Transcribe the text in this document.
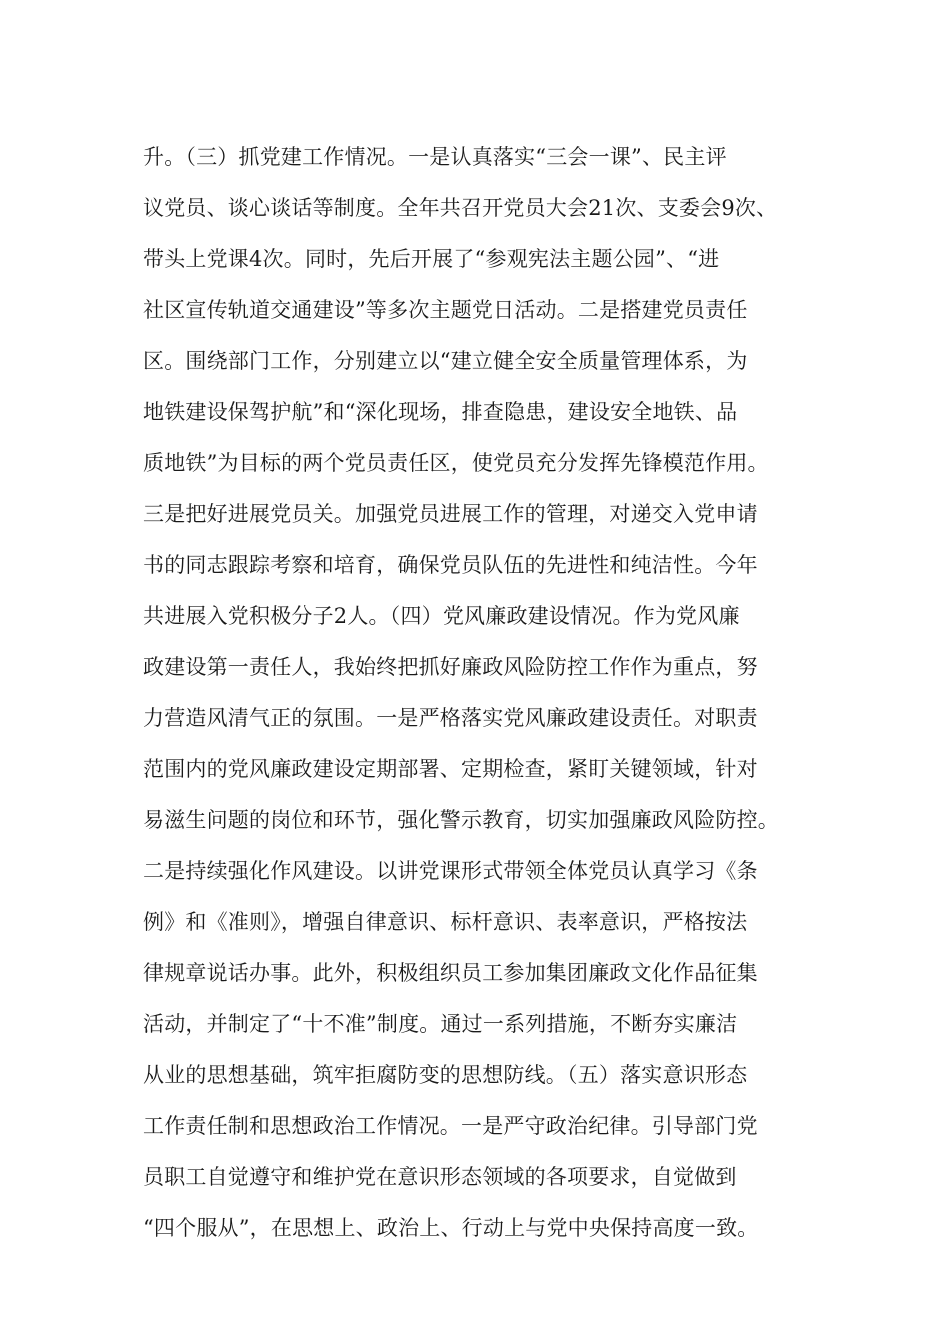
升。（三）抓党建工作情况。一是认真落实“三会一课”、民主评
议党员、谈心谈话等制度。全年共召开党员大会21次、支委会9次、
带头上党课4次。同时，先后开展了“参观宪法主题公园”、“进
社区宣传轨道交通建设”等多次主题党日活动。二是搭建党员责任
区。围绕部门工作，分别建立以“建立健全安全质量管理体系，为
地铁建设保驾护航”和“深化现场，排查隐患，建设安全地铁、品
质地铁”为目标的两个党员责任区，使党员充分发挥先锋模范作用。
三是把好进展党员关。加强党员进展工作的管理，对递交入党申请
书的同志跟踪考察和培育，确保党员队伍的先进性和纯洁性。今年
共进展入党积极分子2人。（四）党风廉政建设情况。作为党风廉
政建设第一责任人，我始终把抓好廉政风险防控工作作为重点，努
力营造风清气正的氛围。一是严格落实党风廉政建设责任。对职责
范围内的党风廉政建设定期部署、定期检查，紧盯关键领域，针对
易滋生问题的岗位和环节，强化警示教育，切实加强廉政风险防控。
二是持续强化作风建设。以讲党课形式带领全体党员认真学习《条
例》和《准则》，增强自律意识、标杆意识、表率意识，严格按法
律规章说话办事。此外，积极组织员工参加集团廉政文化作品征集
活动，并制定了“十不准”制度。通过一系列措施，不断夯实廉洁
从业的思想基础，筑牢拒腐防变的思想防线。（五）落实意识形态
工作责任制和思想政治工作情况。一是严守政治纪律。引导部门党
员职工自觉遵守和维护党在意识形态领域的各项要求，自觉做到
“四个服从”，在思想上、政治上、行动上与党中央保持高度一致。
